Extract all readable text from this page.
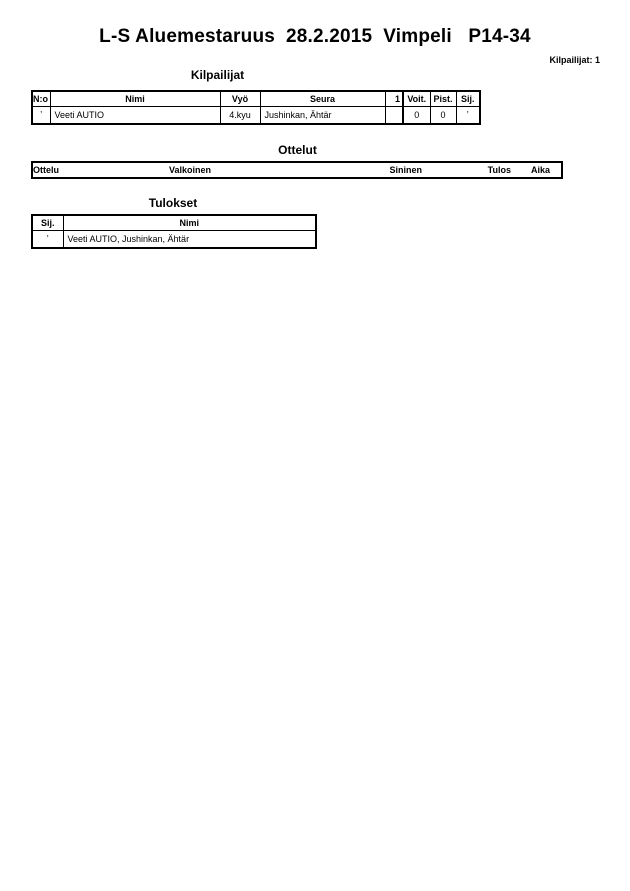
L-S Aluemestaruus  28.2.2015  Vimpeli   P14-34
Kilpailijat: 1
Kilpailijat
N:o	Nimi	Vyö	Seura	1	Voit.	Pist.	Sij.
ʼ	Veeti AUTIO	4.kyu	Jushinkan, Ähtär		0	0	ʼ
Ottelut
Ottelu	Valkoinen	Sininen	Tulos	Aika
Tulokset
Sij.	Nimi
ʼ	Veeti AUTIO, Jushinkan, Ähtär
